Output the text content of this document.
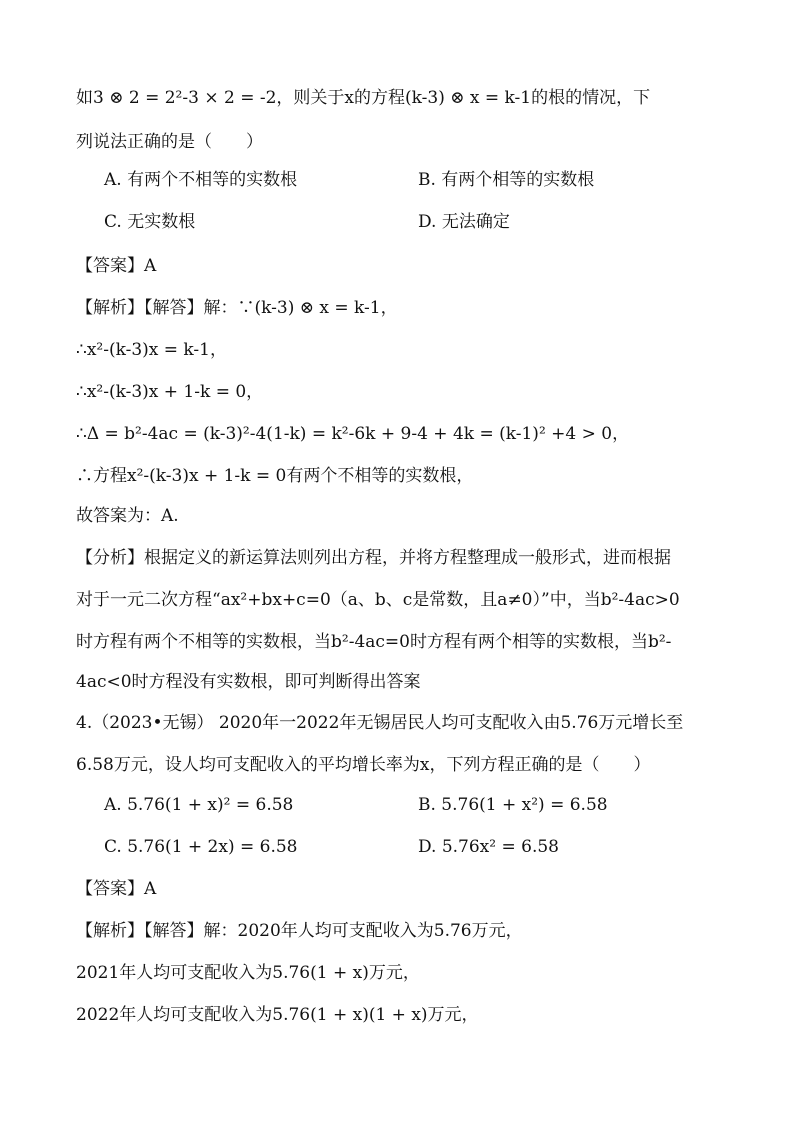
如3 ⊗ 2 = 2²-3 × 2 = -2，则关于x的方程(k-3) ⊗ x = k-1的根的情况，下
列说法正确的是（　　）
A. 有两个不相等的实数根	B. 有两个相等的实数根
C. 无实数根	D. 无法确定
【答案】A
【解析】【解答】解：∵(k-3) ⊗ x = k-1，
∴x²-(k-3)x = k-1，
∴x²-(k-3)x + 1-k = 0，
∴Δ = b²-4ac = (k-3)²-4(1-k) = k²-6k + 9-4 + 4k = (k-1)² +4 > 0，
∴方程x²-(k-3)x + 1-k = 0有两个不相等的实数根，
故答案为：A.
【分析】根据定义的新运算法则列出方程，并将方程整理成一般形式，进而根据
对于一元二次方程“ax²+bx+c=0（a、b、c是常数，且a≠0）”中，当b²-4ac>0
时方程有两个不相等的实数根，当b²-4ac=0时方程有两个相等的实数根，当b²-
4ac<0时方程没有实数根，即可判断得出答案
4.（2023•无锡） 2020年一2022年无锡居民人均可支配收入由5.76万元增长至
6.58万元，设人均可支配收入的平均增长率为x，下列方程正确的是（　　）
A. 5.76(1 + x)² = 6.58	B. 5.76(1 + x²) = 6.58
C. 5.76(1 + 2x) = 6.58	D. 5.76x² = 6.58
【答案】A
【解析】【解答】解：2020年人均可支配收入为5.76万元，
2021年人均可支配收入为5.76(1 + x)万元，
2022年人均可支配收入为5.76(1 + x)(1 + x)万元，
